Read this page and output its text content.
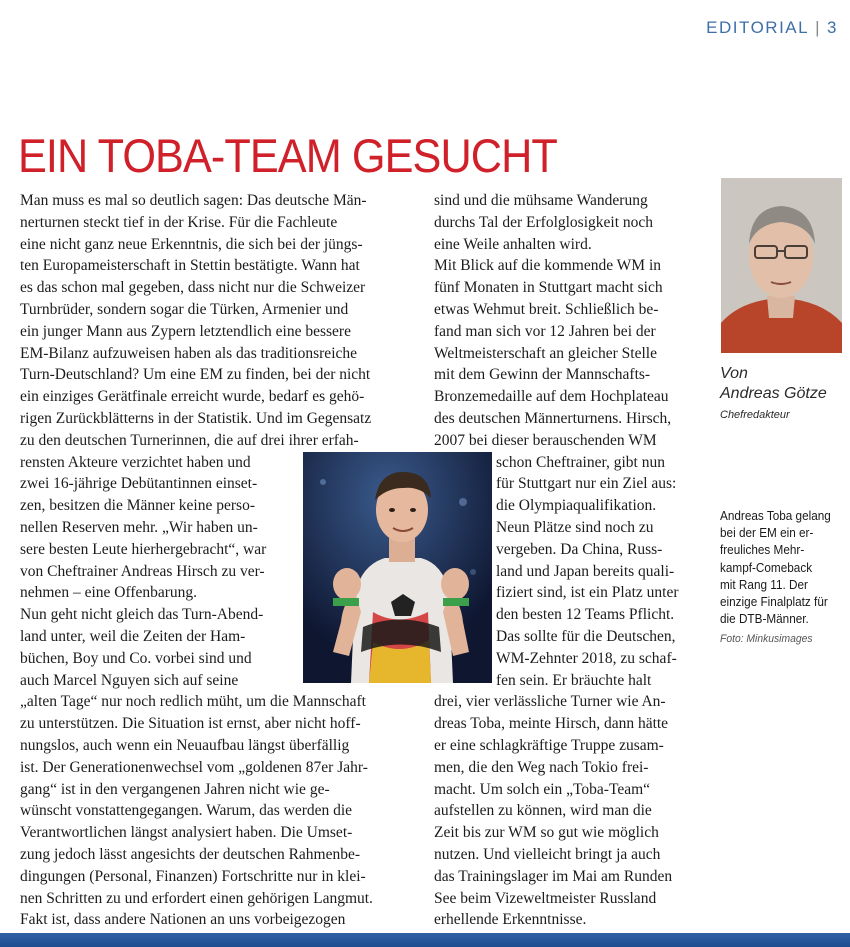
EDITORIAL | 3
EIN TOBA-TEAM GESUCHT
Man muss es mal so deutlich sagen: Das deutsche Män-
nerturnen steckt tief in der Krise. Für die Fachleute
eine nicht ganz neue Erkenntnis, die sich bei der jüngs-
ten Europameisterschaft in Stettin bestätigte. Wann hat
es das schon mal gegeben, dass nicht nur die Schweizer
Turnbrüder, sondern sogar die Türken, Armenier und
ein junger Mann aus Zypern letztendlich eine bessere
EM-Bilanz aufzuweisen haben als das traditionsreiche
Turn-Deutschland? Um eine EM zu finden, bei der nicht
ein einziges Gerätfinale erreicht wurde, bedarf es gehö-
rigen Zurückblätterns in der Statistik. Und im Gegensatz
zu den deutschen Turnerinnen, die auf drei ihrer erfah-
rensten Akteure verzichtet haben und
zwei 16-jährige Debütantinnen einset-
zen, besitzen die Männer keine perso-
nellen Reserven mehr. „Wir haben un-
sere besten Leute hierhergebracht“, war
von Cheftrainer Andreas Hirsch zu ver-
nehmen – eine Offenbarung.
Nun geht nicht gleich das Turn-Abend-
land unter, weil die Zeiten der Ham-
büchen, Boy und Co. vorbei sind und
auch Marcel Nguyen sich auf seine
„alten Tage“ nur noch redlich müht, um die Mannschaft
zu unterstützen. Die Situation ist ernst, aber nicht hoff-
nungslos, auch wenn ein Neuaufbau längst überfällig
ist. Der Generationenwechsel vom „goldenen 87er Jahr-
gang“ ist in den vergangenen Jahren nicht wie ge-
wünscht vonstattengegangen. Warum, das werden die
Verantwortlichen längst analysiert haben. Die Umset-
zung jedoch lässt angesichts der deutschen Rahmenbe-
dingungen (Personal, Finanzen) Fortschritte nur in klei-
nen Schritten zu und erfordert einen gehörigen Langmut.
Fakt ist, dass andere Nationen an uns vorbeigezogen
sind und die mühsame Wanderung
durchs Tal der Erfolglosigkeit noch
eine Weile anhalten wird.
Mit Blick auf die kommende WM in
fünf Monaten in Stuttgart macht sich
etwas Wehmut breit. Schließlich be-
fand man sich vor 12 Jahren bei der
Weltmeisterschaft an gleicher Stelle
mit dem Gewinn der Mannschafts-
Bronzemedaille auf dem Hochplateau
des deutschen Männerturnens. Hirsch,
2007 bei dieser berauschenden WM
schon Cheftrainer, gibt nun
für Stuttgart nur ein Ziel aus:
die Olympiaqualifikation.
Neun Plätze sind noch zu
vergeben. Da China, Russ-
land und Japan bereits quali-
fiziert sind, ist ein Platz unter
den besten 12 Teams Pflicht.
Das sollte für die Deutschen,
WM-Zehnter 2018, zu schaf-
fen sein. Er bräuchte halt
drei, vier verlässliche Turner wie An-
dreas Toba, meinte Hirsch, dann hätte
er eine schlagkräftige Truppe zusam-
men, die den Weg nach Tokio frei-
macht. Um solch ein „Toba-Team“
aufstellen zu können, wird man die
Zeit bis zur WM so gut wie möglich
nutzen. Und vielleicht bringt ja auch
das Trainingslager im Mai am Runden
See beim Vizeweltmeister Russland
erhellende Erkenntnisse.
Von
Andreas Götze
Chefredakteur
Andreas Toba gelang
bei der EM ein er-
freuliches Mehr-
kampf-Comeback
mit Rang 11. Der
einzige Finalplatz für
die DTB-Männer.
Foto: Minkusimages
